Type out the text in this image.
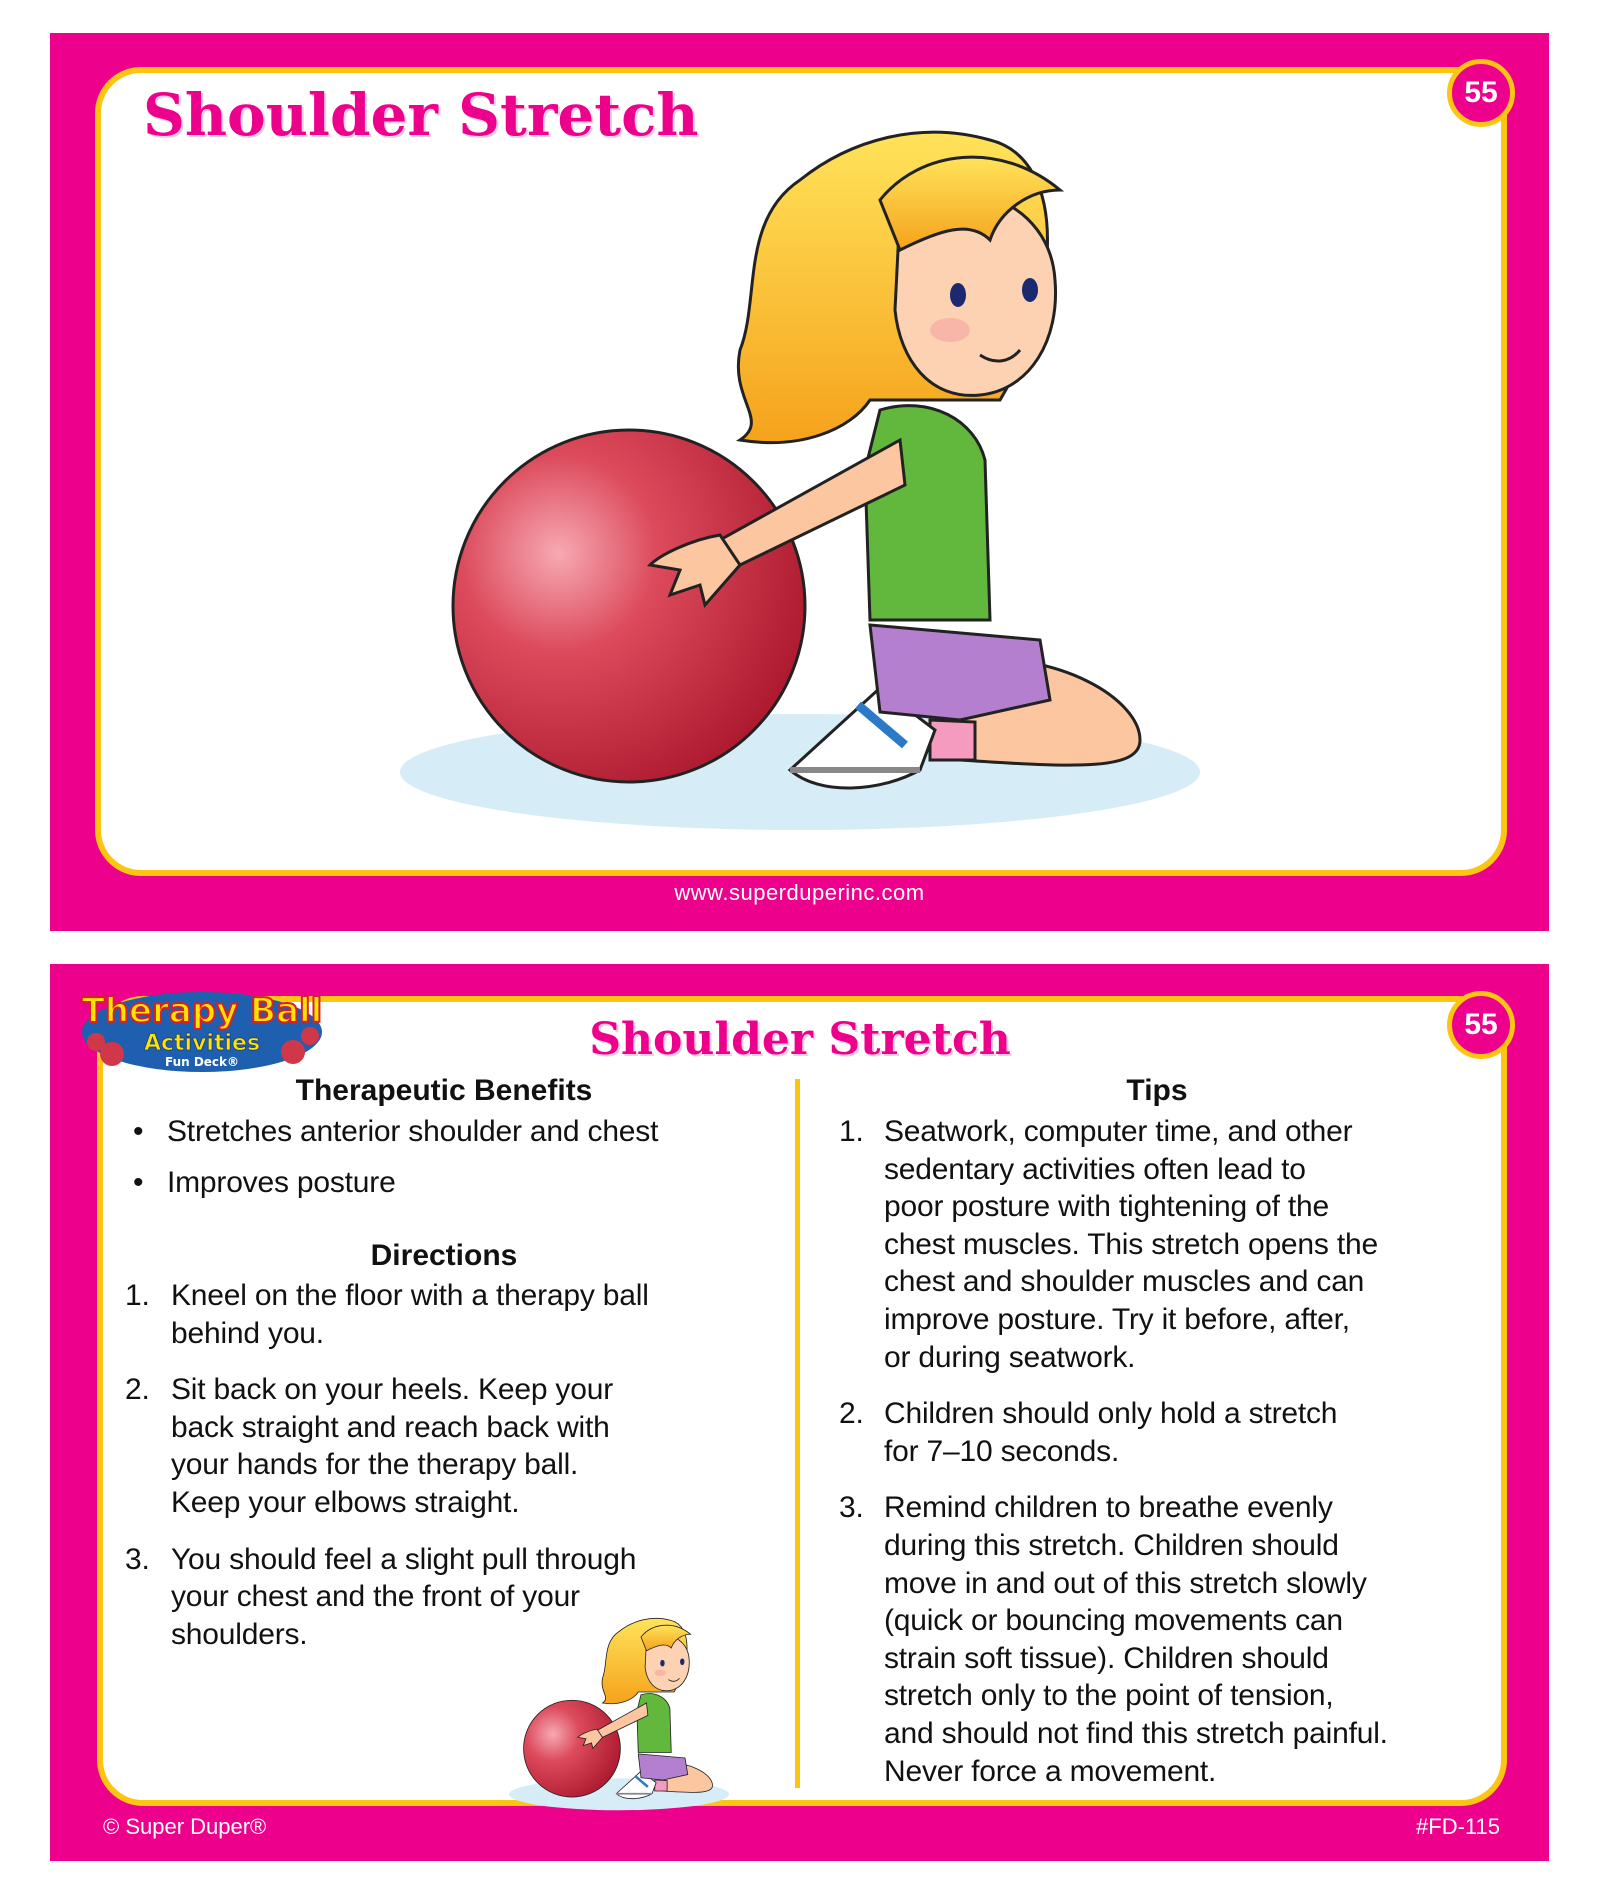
Shoulder Stretch	55
www.superduperinc.com
Shoulder Stretch	55
Therapy Ball
Activities
Fun Deck®
Therapeutic Benefits
• Stretches anterior shoulder and chest
• Improves posture
Directions
1. Kneel on the floor with a therapy ball
behind you.
2. Sit back on your heels. Keep your
back straight and reach back with
your hands for the therapy ball.
Keep your elbows straight.
3. You should feel a slight pull through
your chest and the front of your
shoulders.
Tips
1. Seatwork, computer time, and other
sedentary activities often lead to
poor posture with tightening of the
chest muscles. This stretch opens the
chest and shoulder muscles and can
improve posture. Try it before, after,
or during seatwork.
2. Children should only hold a stretch
for 7–10 seconds.
3. Remind children to breathe evenly
during this stretch. Children should
move in and out of this stretch slowly
(quick or bouncing movements can
strain soft tissue). Children should
stretch only to the point of tension,
and should not find this stretch painful.
Never force a movement.
© Super Duper®	#FD-115
